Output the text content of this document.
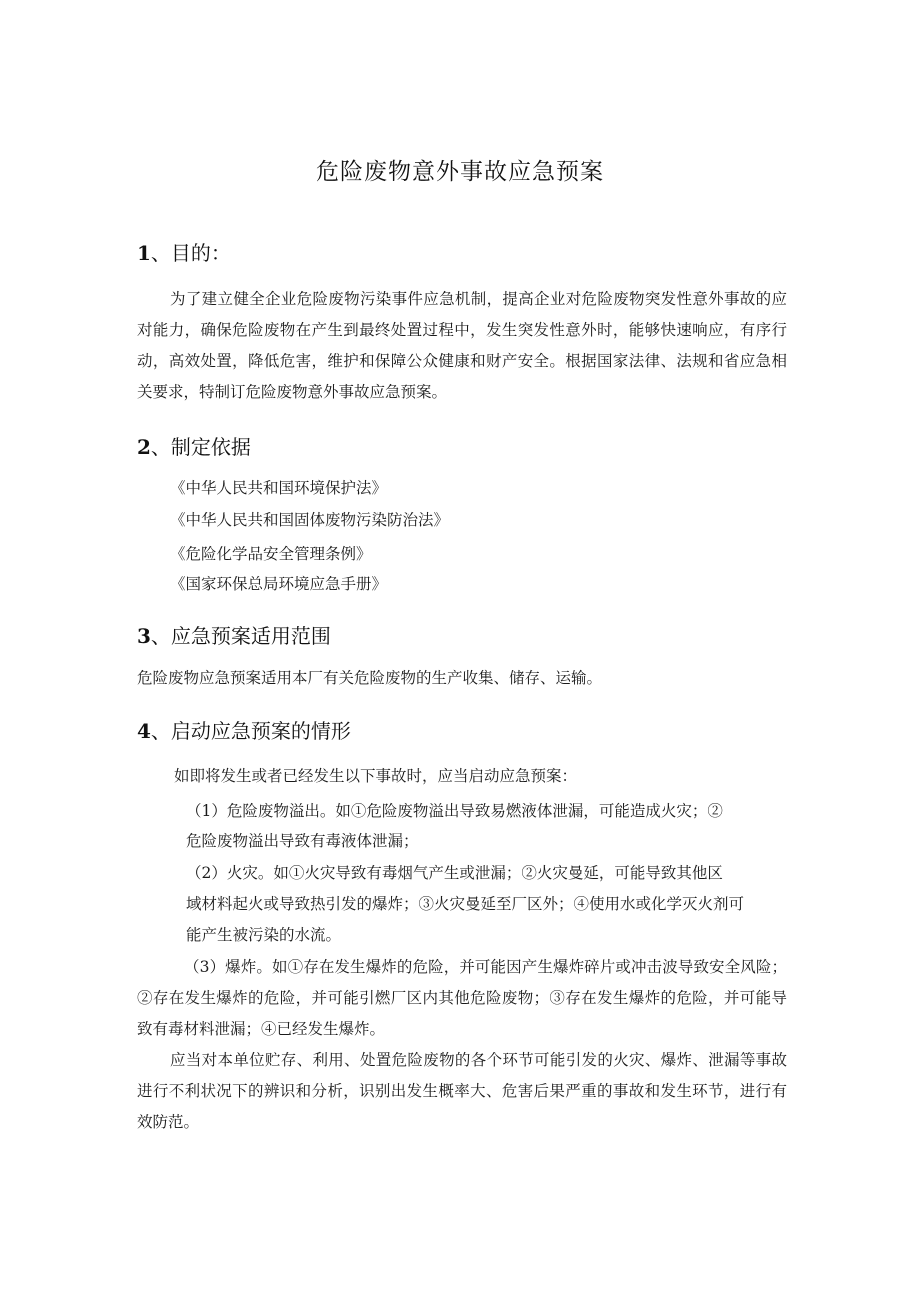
危险废物意外事故应急预案
1、目的：

为了建立健全企业危险废物污染事件应急机制，提高企业对危险废物突发性意外事故的应对能力，确保危险废物在产生到最终处置过程中，发生突发性意外时，能够快速响应，有序行动，高效处置，降低危害，维护和保障公众健康和财产安全。根据国家法律、法规和省应急相关要求，特制订危险废物意外事故应急预案。

2、制定依据
《中华人民共和国环境保护法》
《中华人民共和国固体废物污染防治法》
《危险化学品安全管理条例》
《国家环保总局环境应急手册》
3、应急预案适用范围
危险废物应急预案适用本厂有关危险废物的生产收集、储存、运输。
4、启动应急预案的情形
如即将发生或者已经发生以下事故时，应当启动应急预案：
（1）危险废物溢出。如①危险废物溢出导致易燃液体泄漏，可能造成火灾；②
危险废物溢出导致有毒液体泄漏；
（2）火灾。如①火灾导致有毒烟气产生或泄漏；②火灾曼延，可能导致其他区
域材料起火或导致热引发的爆炸；③火灾曼延至厂区外；④使用水或化学灭火剂可
能产生被污染的水流。

（3）爆炸。如①存在发生爆炸的危险，并可能因产生爆炸碎片或冲击波导致安全风险；②存在发生爆炸的危险，并可能引燃厂区内其他危险废物；③存在发生爆炸的危险，并可能导致有毒材料泄漏；④已经发生爆炸。

应当对本单位贮存、利用、处置危险废物的各个环节可能引发的火灾、爆炸、泄漏等事故进行不利状况下的辨识和分析，识别出发生概率大、危害后果严重的事故和发生环节，进行有效防范。
